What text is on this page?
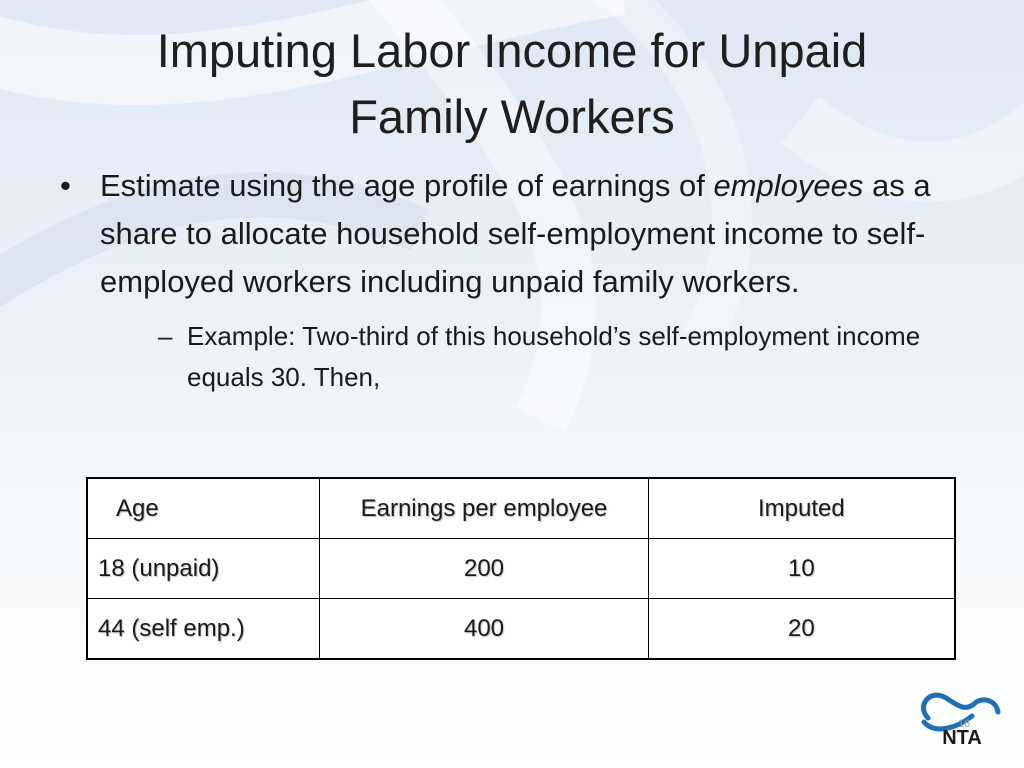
Imputing Labor Income for Unpaid
Family Workers
• Estimate using the age profile of earnings of employees as a share to allocate household self-employment income to self-employed workers including unpaid family workers.
– Example: Two-third of this household’s self-employment income equals 30. Then,
Age	Earnings per employee	Imputed
18 (unpaid)	200	10
44 (self emp.)	400	20
NTA
16
